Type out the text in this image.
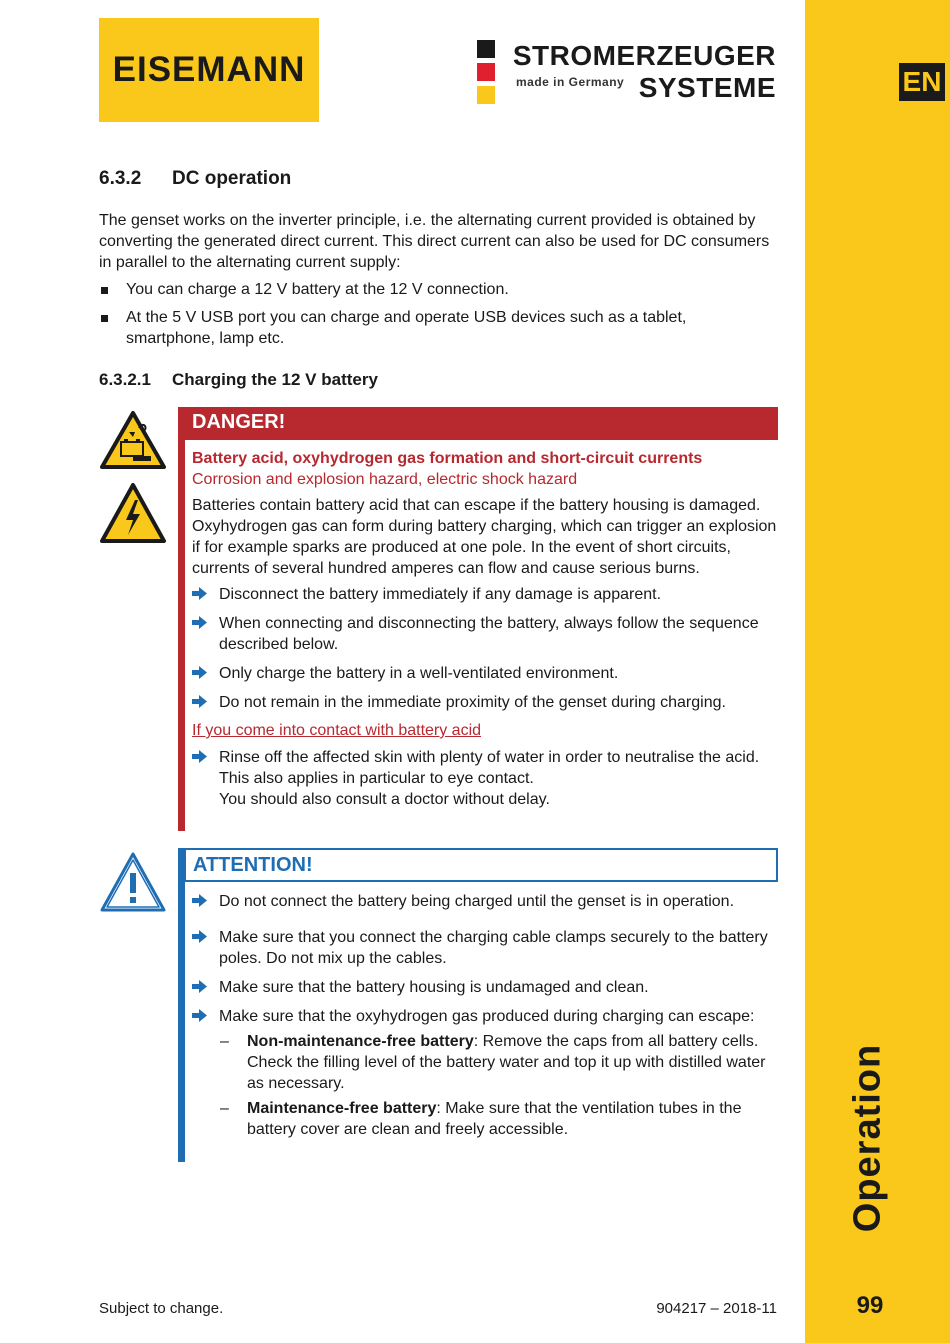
EN
Operation
99
EISEMANN	STROMERZEUGER
made in Germany SYSTEME
6.3.2 DC operation

The genset works on the inverter principle, i.e. the alternating current provided is obtained by converting the generated direct current. This direct current can also be used for DC consumers in parallel to the alternating current supply:

You can charge a 12 V battery at the 12 V connection.
At the 5 V USB port you can charge and operate USB devices such as a tablet, smartphone, lamp etc.
6.3.2.1 Charging the 12 V battery
DANGER!
Battery acid, oxyhydrogen gas formation and short-circuit currents
Corrosion and explosion hazard, electric shock hazard

Batteries contain battery acid that can escape if the battery housing is damaged. Oxyhydrogen gas can form during battery charging, which can trigger an explosion if for example sparks are produced at one pole. In the event of short circuits, currents of several hundred amperes can flow and cause serious burns.

Disconnect the battery immediately if any damage is apparent.
When connecting and disconnecting the battery, always follow the sequence described below.
Only charge the battery in a well-ventilated environment.
Do not remain in the immediate proximity of the genset during charging.
If you come into contact with battery acid
Rinse off the affected skin with plenty of water in order to neutralise the acid. This also applies in particular to eye contact.
You should also consult a doctor without delay.
ATTENTION!
Do not connect the battery being charged until the genset is in operation.
Make sure that you connect the charging cable clamps securely to the battery poles. Do not mix up the cables.
Make sure that the battery housing is undamaged and clean.
Make sure that the oxyhydrogen gas produced during charging can escape:
– Non-maintenance-free battery: Remove the caps from all battery cells. Check the filling level of the battery water and top it up with distilled water as necessary.
– Maintenance-free battery: Make sure that the ventilation tubes in the battery cover are clean and freely accessible.
Subject to change.	904217 – 2018-11
